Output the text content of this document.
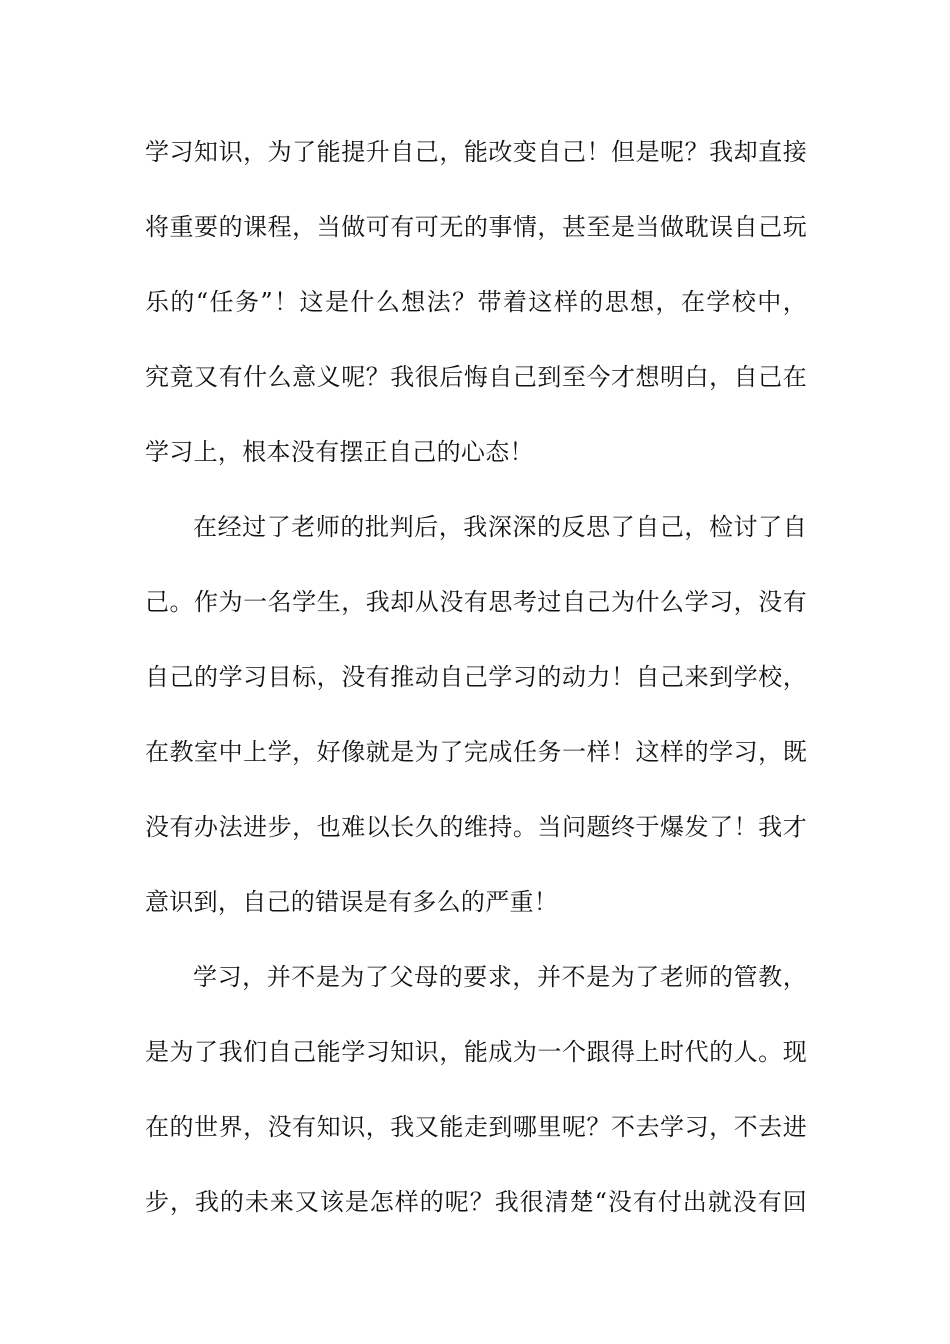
学习知识，为了能提升自己，能改变自己！但是呢？我却直接
将重要的课程，当做可有可无的事情，甚至是当做耽误自己玩
乐的“任务”！这是什么想法？带着这样的思想，在学校中，
究竟又有什么意义呢？我很后悔自己到至今才想明白，自己在
学习上，根本没有摆正自己的心态！
在经过了老师的批判后，我深深的反思了自己，检讨了自
己。作为一名学生，我却从没有思考过自己为什么学习，没有
自己的学习目标，没有推动自己学习的动力！自己来到学校，
在教室中上学，好像就是为了完成任务一样！这样的学习，既
没有办法进步，也难以长久的维持。当问题终于爆发了！我才
意识到，自己的错误是有多么的严重！
学习，并不是为了父母的要求，并不是为了老师的管教，
是为了我们自己能学习知识，能成为一个跟得上时代的人。现
在的世界，没有知识，我又能走到哪里呢？不去学习，不去进
步，我的未来又该是怎样的呢？我很清楚“没有付出就没有回
